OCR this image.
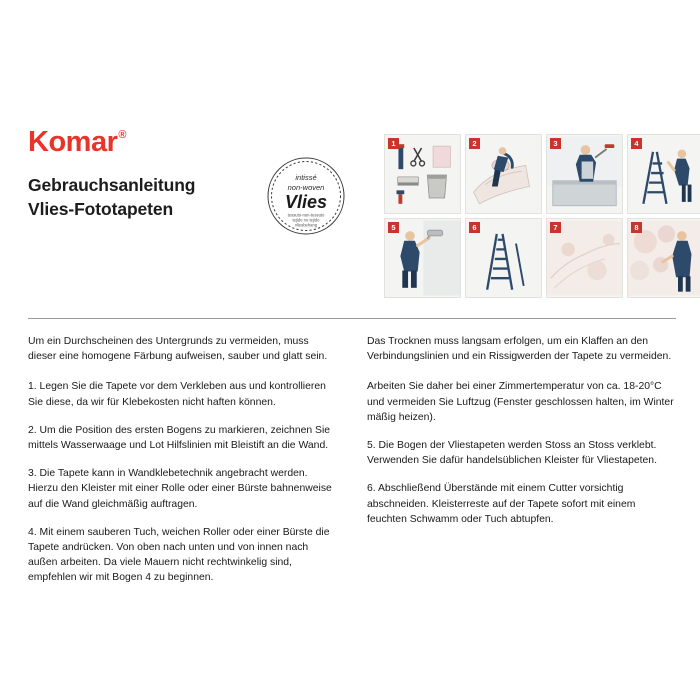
Komar®
Gebrauchsanleitung
Vlies-Fototapeten
intissé
non-woven
Vlies
tessuto-non-tessuto
tejido no tejido
vliesbehang
1	2	3	4
5	6	7	8

Um ein Durchscheinen des Untergrunds zu vermeiden, muss dieser eine homogene Färbung aufweisen, sauber und glatt sein.

1. Legen Sie die Tapete vor dem Verkleben aus und kontrollieren Sie diese, da wir für Klebekosten nicht haften können.

2. Um die Position des ersten Bogens zu markieren, zeichnen Sie mittels Wasserwaage und Lot Hilfslinien mit Bleistift an die Wand.

3. Die Tapete kann in Wandklebetechnik angebracht werden. Hierzu den Kleister mit einer Rolle oder einer Bürste bahnenweise auf die Wand gleichmäßig auftragen.

4. Mit einem sauberen Tuch, weichen Roller oder einer Bürste die Tapete andrücken. Von oben nach unten und von innen nach außen arbeiten. Da viele Mauern nicht rechtwinkelig sind, empfehlen wir mit Bogen 4 zu beginnen.

Das Trocknen muss langsam erfolgen, um ein Klaffen an den Verbindungslinien und ein Rissigwerden der Tapete zu vermeiden.

Arbeiten Sie daher bei einer Zimmertemperatur von ca. 18-20°C und vermeiden Sie Luftzug (Fenster geschlossen halten, im Winter mäßig heizen).

5. Die Bogen der Vliestapeten werden Stoss an Stoss verklebt. Verwenden Sie dafür handelsüblichen Kleister für Vliestapeten.

6. Abschließend Überstände mit einem Cutter vorsichtig abschneiden. Kleisterreste auf der Tapete sofort mit einem feuchten Schwamm oder Tuch abtupfen.
